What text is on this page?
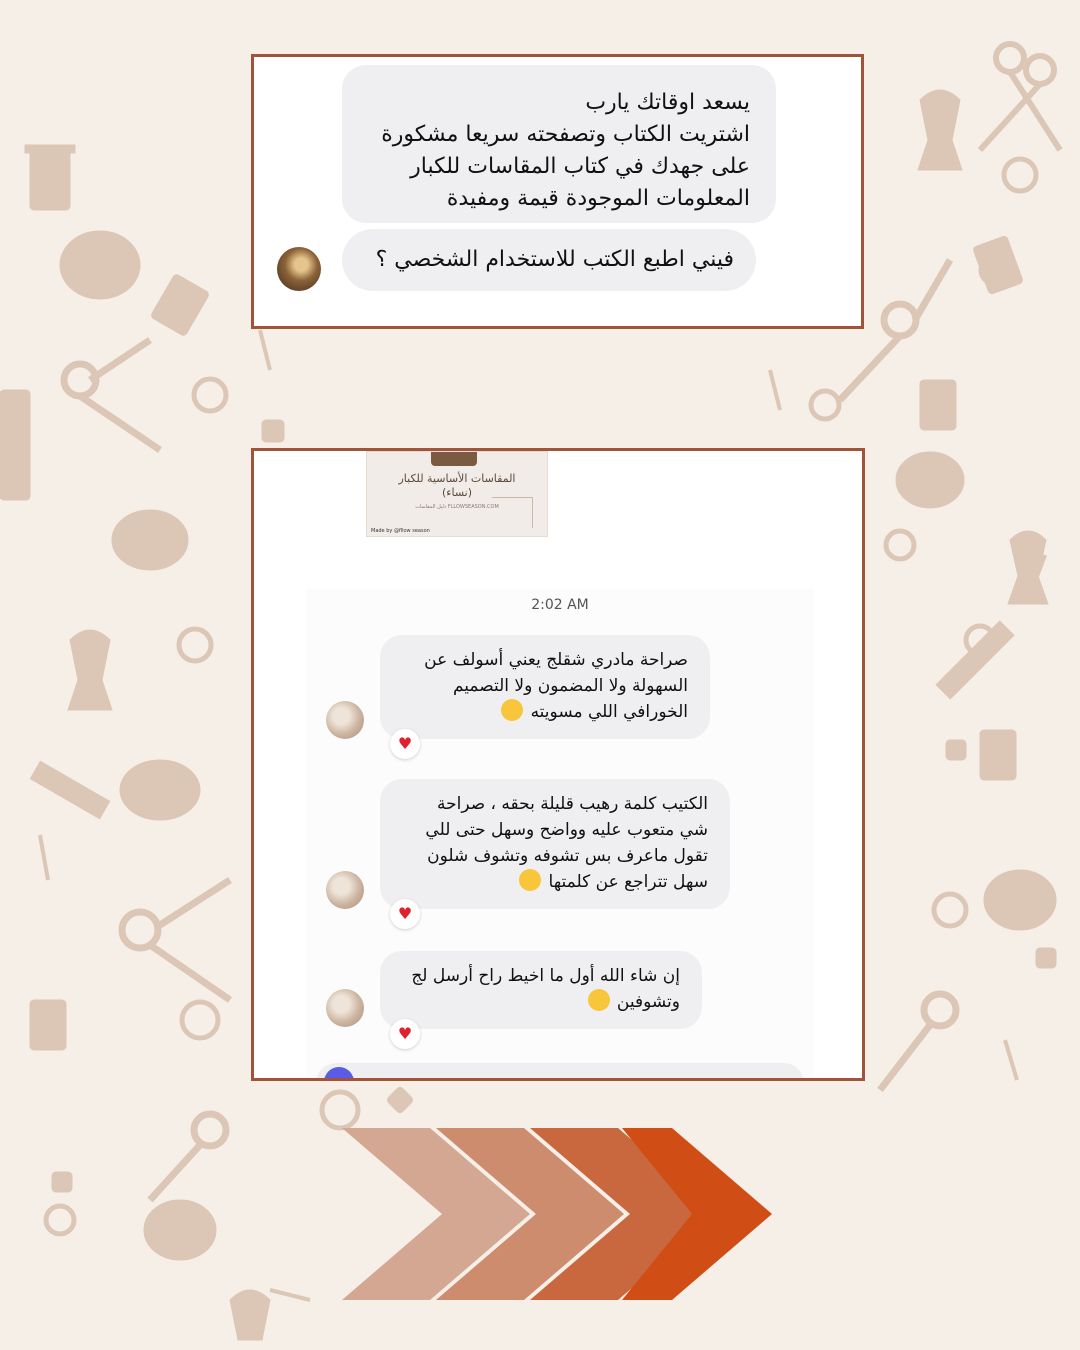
يسعد اوقاتك يارب
اشتريت الكتاب وتصفحته سريعا مشكورة
على جهدك في كتاب المقاسات للكبار
المعلومات الموجودة قيمة ومفيدة
فيني اطبع الكتب للاستخدام الشخصي ؟
المقاسات الأساسية للكبار
(نساء)
دليل المقاسات FLLOWSEASON.COM
Made by @fllow season
2:02 AM
صراحة مادري شقلج يعني أسولف عن
السهولة ولا المضمون ولا التصميم
الخورافي اللي مسويته
♥
الكتيب كلمة رهيب قليلة بحقه ، صراحة
شي متعوب عليه وواضح وسهل حتى للي
تقول ماعرف بس تشوفه وتشوف شلون
سهل تتراجع عن كلمتها
♥
إن شاء الله أول ما اخيط راح أرسل لج
وتشوفين
♥
